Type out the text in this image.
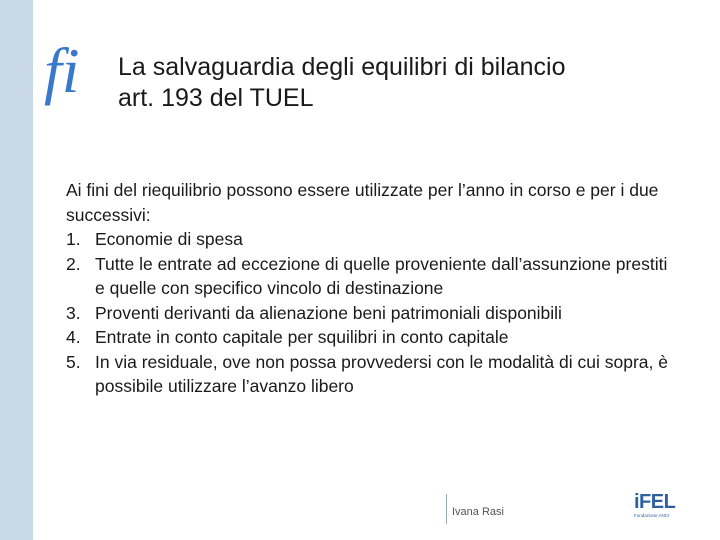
fi La salvaguardia degli equilibri di bilancio
art. 193 del TUEL

Ai fini del riequilibrio possono essere utilizzate per l’anno in corso e per i due successivi:

1. Economie di spesa
2. Tutte le entrate ad eccezione di quelle proveniente dall’assunzione prestiti e quelle con specifico vincolo di destinazione
3. Proventi derivanti da alienazione beni patrimoniali disponibili
4. Entrate in conto capitale per squilibri in conto capitale
5. In via residuale, ove non possa provvedersi con le modalità di cui sopra, è possibile utilizzare l’avanzo libero
Ivana Rasi	iFEL
Fondazione ANCI
